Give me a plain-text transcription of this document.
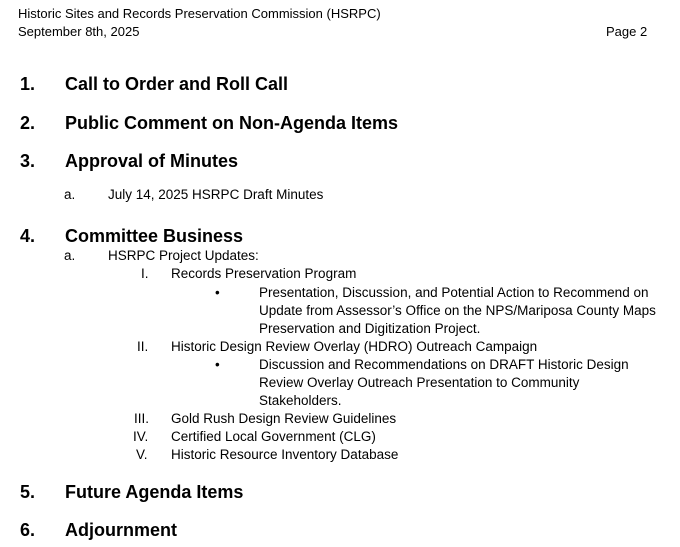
Historic Sites and Records Preservation Commission (HSRPC)
September 8th, 2025	Page 2
1. Call to Order and Roll Call
2. Public Comment on Non-Agenda Items
3. Approval of Minutes
a. July 14, 2025 HSRPC Draft Minutes
4. Committee Business
a. HSRPC Project Updates:
I. Records Preservation Program
•	Presentation, Discussion, and Potential Action to Recommend on
Update from Assessor’s Office on the NPS/Mariposa County Maps
Preservation and Digitization Project.
II. Historic Design Review Overlay (HDRO) Outreach Campaign
•	Discussion and Recommendations on DRAFT Historic Design
Review Overlay Outreach Presentation to Community
Stakeholders.
III. Gold Rush Design Review Guidelines
IV. Certified Local Government (CLG)
V. Historic Resource Inventory Database
5. Future Agenda Items
6. Adjournment
